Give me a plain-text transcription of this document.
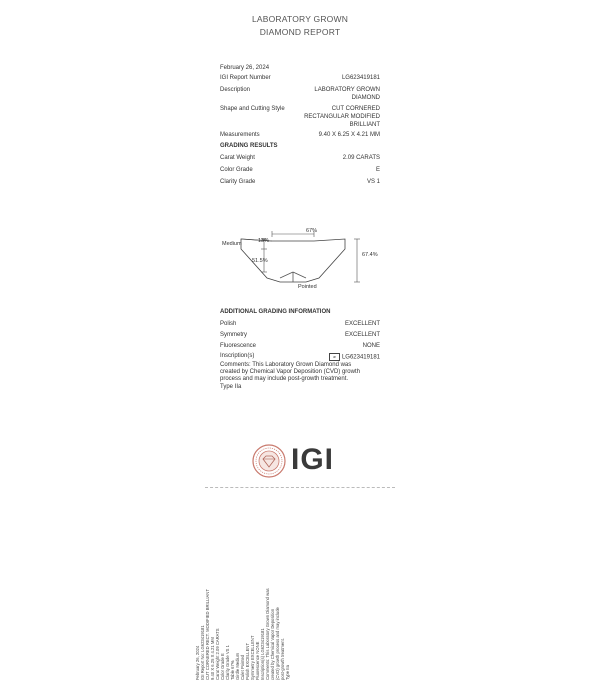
LABORATORY GROWN
DIAMOND REPORT
February 26, 2024
IGI Report Number	LG623419181
Description	LABORATORY GROWN
DIAMOND
Shape and Cutting Style	CUT CORNERED
RECTANGULAR MODIFIED
BRILLIANT
Measurements	9.40 X 6.25 X 4.21 MM
GRADING RESULTS
Carat Weight	2.09 CARATS
Color Grade	E
Clarity Grade	VS 1
67%
13%
51.5%
67.4%
Medium
Pointed
ADDITIONAL GRADING INFORMATION
Polish	EXCELLENT
Symmetry	EXCELLENT
Fluorescence	NONE
Inscription(s)	⌀ LG623419181
Comments: This Laboratory Grown Diamond was
created by Chemical Vapor Deposition (CVD) growth
process and may include post-growth treatment.
Type IIa
IGI
February 26, 2024 IGI Report No: LG623419181 CUT CORNERED RECT. MODIFIED BRILLIANT 9.40 X 6.25 X 4.21 MM Carat Weight 2.09 CARATS Color Grade E Clarity Grade VS 1 Table 67% Girdle Medium Culet Pointed Polish EXCELLENT Symmetry EXCELLENT Fluorescence NONE Inscription(s) LG623419181 Comments: This Laboratory Grown Diamond was created by Chemical Vapor Deposition (CVD) growth process and may include post-growth treatment. Type IIa
